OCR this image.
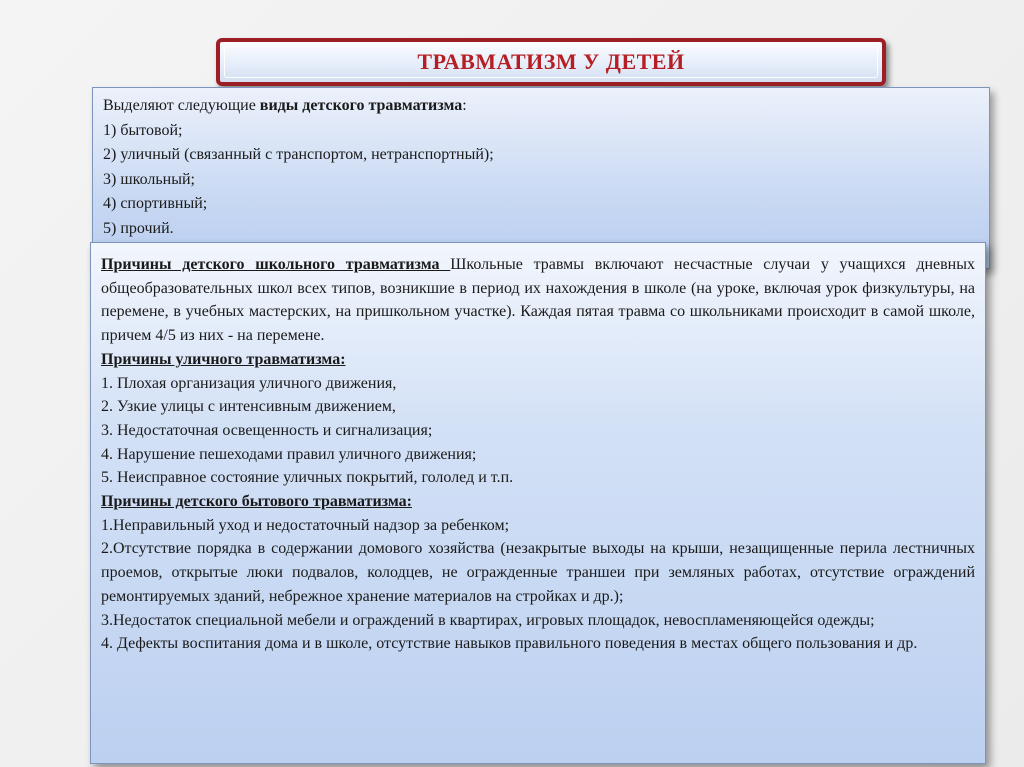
ТРАВМАТИЗМ У ДЕТЕЙ
Выделяют следующие виды детского травматизма:
1) бытовой;
2) уличный (связанный с транспортом, нетранспортный);
3) школьный;
4) спортивный;
5) прочий.
Причины детского школьного травматизма Школьные травмы включают несчастные случаи у учащихся дневных общеобразовательных школ всех типов, возникшие в период их нахождения в школе (на уроке, включая урок физкультуры, на перемене, в учебных мастерских, на пришкольном участке). Каждая пятая травма со школьниками происходит в самой школе, причем 4/5 из них - на перемене.
Причины уличного травматизма:
1. Плохая организация уличного движения,
2. Узкие улицы с интенсивным движением,
3. Недостаточная освещенность и сигнализация;
4. Нарушение пешеходами правил уличного движения;
5. Неисправное состояние уличных покрытий, гололед и т.п.
Причины детского бытового травматизма:
1.Неправильный уход и недостаточный надзор за ребенком;
2.Отсутствие порядка в содержании домового хозяйства (незакрытые выходы на крыши, незащищенные перила лестничных проемов, открытые люки подвалов, колодцев, не огражденные траншеи при земляных работах, отсутствие ограждений ремонтируемых зданий, небрежное хранение материалов на стройках и др.);
3.Недостаток специальной мебели и ограждений в квартирах, игровых площадок, невоспламеняющейся одежды;
4. Дефекты воспитания дома и в школе, отсутствие навыков правильного поведения в местах общего пользования и др.
